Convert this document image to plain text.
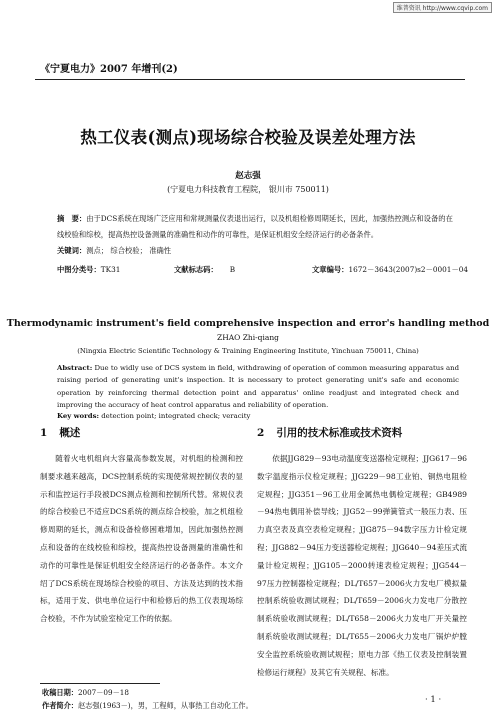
维普资讯 http://www.cqvip.com
《宁夏电力》2007 年增刊(2)
热工仪表(测点)现场综合校验及误差处理方法
赵志强
(宁夏电力科技教育工程院， 银川市 750011)
摘　要：由于DCS系统在现场广泛应用和常规测量仪表退出运行，以及机组检修周期延长，因此，加强热控测点和设备的在线校验和综校，提高热控设备测量的准确性和动作的可靠性，是保证机组安全经济运行的必备条件。
关键词：测点； 综合校验； 准确性
中图分类号：TK31	文献标志码： B	文章编号：1672－3643(2007)s2－0001－04
Thermodynamic instrument's field comprehensive inspection and error's handling method
ZHAO Zhi-qiang
(Ningxia Electric Scientific Technology & Training Engineering Institute, Yinchuan 750011, China)
Abstract: Due to widly use of DCS system in field, withdrawing of operation of common measuring apparatus and raising period of generating unit's inspection. It is necessary to protect generating unit's safe and economic operation by reinforcing thermal detection point and apparatus' online readjust and integrated check and improving the accuracy of heat control apparatus and reliability of operation.
Key words: detection point; integrated check; veracity
1 概述	2 引用的技术标准或技术资料
随着火电机组向大容量高参数发展，对机组的检测和控制要求越来越高，DCS控制系统的实现使常规控制仪表的显示和监控运行手段被DCS测点检测和控制所代替。常规仪表的综合校验已不适应DCS系统的测点综合校验，加之机组检修周期的延长，测点和设备检修困难增加，因此加强热控测点和设备的在线校验和综校，提高热控设备测量的准确性和动作的可靠性是保证机组安全经济运行的必备条件。本文介绍了DCS系统在现场综合校验的项目、方法及达到的技术指标，适用于发、供电单位运行中和检修后的热工仪表现场综合校验，不作为试验室检定工作的依据。

依据JJG829－93电动温度变送器检定规程；JJG617－96数字温度指示仪检定规程；JJG229－98工业铂、铜热电阻检定规程；JJG351－96工业用金属热电偶检定规程；GB4989－94热电偶用补偿导线；JJG52－99弹簧管式一般压力表、压力真空表及真空表检定规程；JJG875－94数字压力计检定规程；JJG882－94压力变送器检定规程；JJG640－94差压式流量计检定规程；JJG105－2000转速表检定规程；JJG544－97压力控制器检定规程；DL/T657－2006火力发电厂模拟量控制系统验收测试规程；DL/T659－2006火力发电厂分散控制系统验收测试规程；DL/T658－2006火力发电厂开关量控制系统验收测试规程；DL/T655－2006火力发电厂锅炉炉膛安全监控系统验收测试规程；原电力部《热工仪表及控制装置检修运行规程》及其它有关规程、标准。

收稿日期：2007－09－18
作者简介：赵志强(1963－)，男，工程师，从事热工自动化工作。
· 1 ·
